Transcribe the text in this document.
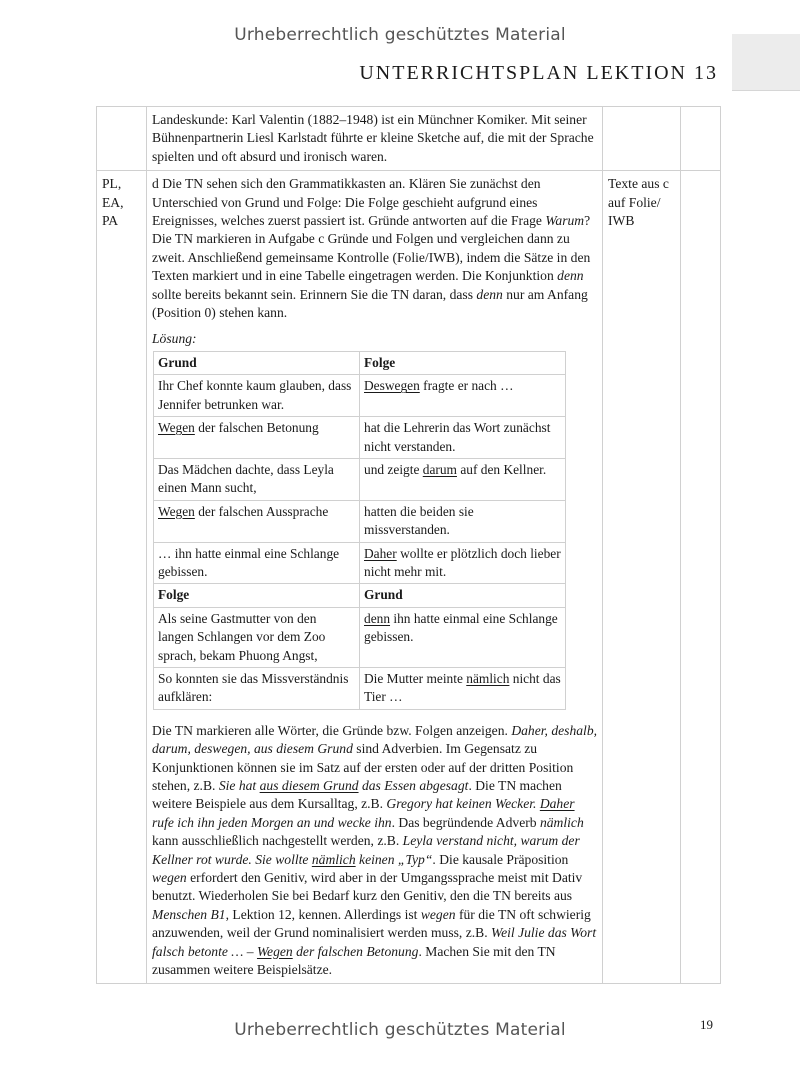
Urheberrechtlich geschütztes Material
UNTERRICHTSPLAN LEKTION 13

Landeskunde: Karl Valentin (1882–1948) ist ein Münchner Komiker. Mit seiner Bühnenpartnerin Liesl Karlstadt führte er kleine Sketche auf, die mit der Sprache spielten und oft absurd und ironisch waren.

PL,
EA,
PA

d Die TN sehen sich den Grammatikkasten an. Klären Sie zunächst den Unterschied von Grund und Folge: Die Folge geschieht aufgrund eines Ereignisses, welches zuerst passiert ist. Gründe antworten auf die Frage Warum? Die TN markieren in Aufgabe c Gründe und Folgen und vergleichen dann zu zweit. Anschließend gemeinsame Kontrolle (Folie/IWB), indem die Sätze in den Texten markiert und in eine Tabelle eingetragen werden. Die Konjunktion denn sollte bereits bekannt sein. Erinnern Sie die TN daran, dass denn nur am Anfang (Position 0) stehen kann.

Lösung:

Grund	Folge
Ihr Chef konnte kaum glauben, dass Jennifer betrunken war.	Deswegen fragte er nach …
Wegen der falschen Betonung	hat die Lehrerin das Wort zunächst nicht verstanden.
Das Mädchen dachte, dass Leyla einen Mann sucht,	und zeigte darum auf den Kellner.
Wegen der falschen Aussprache	hatten die beiden sie missverstanden.
… ihn hatte einmal eine Schlange gebissen.	Daher wollte er plötzlich doch lieber nicht mehr mit.
Folge	Grund
Als seine Gastmutter von den langen Schlangen vor dem Zoo sprach, bekam Phuong Angst,	denn ihn hatte einmal eine Schlange gebissen.
So konnten sie das Missverständnis aufklären:	Die Mutter meinte nämlich nicht das Tier …

Die TN markieren alle Wörter, die Gründe bzw. Folgen anzeigen. Daher, deshalb, darum, deswegen, aus diesem Grund sind Adverbien. Im Gegensatz zu Konjunktionen können sie im Satz auf der ersten oder auf der dritten Position stehen, z.B. Sie hat aus diesem Grund das Essen abgesagt. Die TN machen weitere Beispiele aus dem Kursalltag, z.B. Gregory hat keinen Wecker. Daher rufe ich ihn jeden Morgen an und wecke ihn. Das begründende Adverb nämlich kann ausschließlich nachgestellt werden, z.B. Leyla verstand nicht, warum der Kellner rot wurde. Sie wollte nämlich keinen „Typ“. Die kausale Präposition wegen erfordert den Genitiv, wird aber in der Umgangssprache meist mit Dativ benutzt. Wiederholen Sie bei Bedarf kurz den Genitiv, den die TN bereits aus Menschen B1, Lektion 12, kennen. Allerdings ist wegen für die TN oft schwierig anzuwenden, weil der Grund nominalisiert werden muss, z.B. Weil Julie das Wort falsch betonte … – Wegen der falschen Betonung. Machen Sie mit den TN zusammen weitere Beispielsätze.

Texte aus c
auf Folie/
IWB

Urheberrechtlich geschütztes Material	19
